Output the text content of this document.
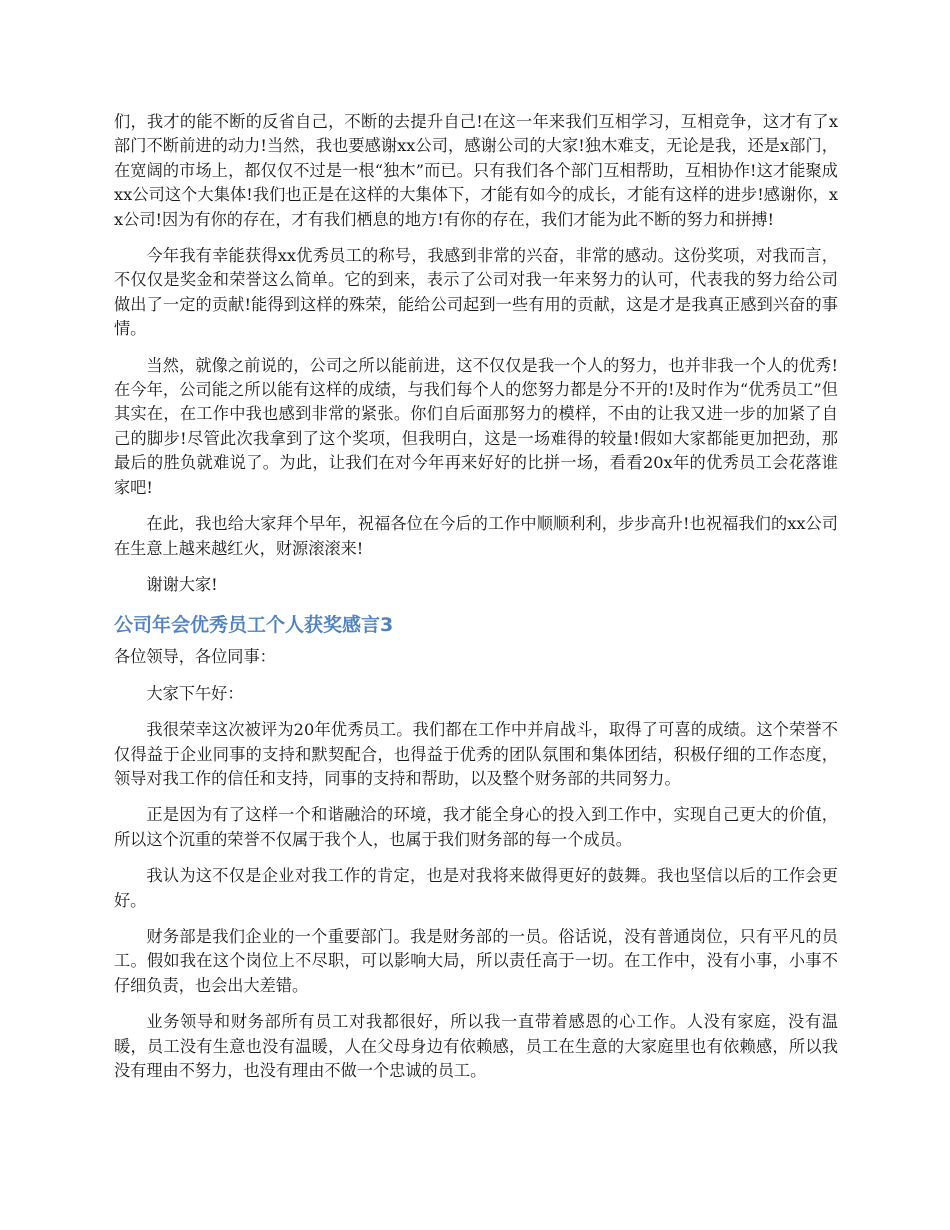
们，我才的能不断的反省自己，不断的去提升自己!在这一年来我们互相学习，互相竞争，这才有了x部门不断前进的动力!当然，我也要感谢xx公司，感谢公司的大家!独木难支，无论是我，还是x部门，在宽阔的市场上，都仅仅不过是一根“独木”而已。只有我们各个部门互相帮助，互相协作!这才能聚成xx公司这个大集体!我们也正是在这样的大集体下，才能有如今的成长，才能有这样的进步!感谢你，xx公司!因为有你的存在，才有我们栖息的地方!有你的存在，我们才能为此不断的努力和拼搏!

今年我有幸能获得xx优秀员工的称号，我感到非常的兴奋，非常的感动。这份奖项，对我而言，不仅仅是奖金和荣誉这么简单。它的到来，表示了公司对我一年来努力的认可，代表我的努力给公司做出了一定的贡献!能得到这样的殊荣，能给公司起到一些有用的贡献，这是才是我真正感到兴奋的事情。

当然，就像之前说的，公司之所以能前进，这不仅仅是我一个人的努力，也并非我一个人的优秀!在今年，公司能之所以能有这样的成绩，与我们每个人的您努力都是分不开的!及时作为“优秀员工”但其实在，在工作中我也感到非常的紧张。你们自后面那努力的模样，不由的让我又进一步的加紧了自己的脚步!尽管此次我拿到了这个奖项，但我明白，这是一场难得的较量!假如大家都能更加把劲，那最后的胜负就难说了。为此，让我们在对今年再来好好的比拼一场，看看20x年的优秀员工会花落谁家吧!

在此，我也给大家拜个早年，祝福各位在今后的工作中顺顺利利，步步高升!也祝福我们的xx公司在生意上越来越红火，财源滚滚来!

谢谢大家!

公司年会优秀员工个人获奖感言3

各位领导，各位同事：

大家下午好：

我很荣幸这次被评为20年优秀员工。我们都在工作中并肩战斗，取得了可喜的成绩。这个荣誉不仅得益于企业同事的支持和默契配合，也得益于优秀的团队氛围和集体团结，积极仔细的工作态度，领导对我工作的信任和支持，同事的支持和帮助，以及整个财务部的共同努力。

正是因为有了这样一个和谐融洽的环境，我才能全身心的投入到工作中，实现自己更大的价值，所以这个沉重的荣誉不仅属于我个人，也属于我们财务部的每一个成员。

我认为这不仅是企业对我工作的肯定，也是对我将来做得更好的鼓舞。我也坚信以后的工作会更好。

财务部是我们企业的一个重要部门。我是财务部的一员。俗话说，没有普通岗位，只有平凡的员工。假如我在这个岗位上不尽职，可以影响大局，所以责任高于一切。在工作中，没有小事，小事不仔细负责，也会出大差错。

业务领导和财务部所有员工对我都很好，所以我一直带着感恩的心工作。人没有家庭，没有温暖，员工没有生意也没有温暖，人在父母身边有依赖感，员工在生意的大家庭里也有依赖感，所以我没有理由不努力，也没有理由不做一个忠诚的员工。
